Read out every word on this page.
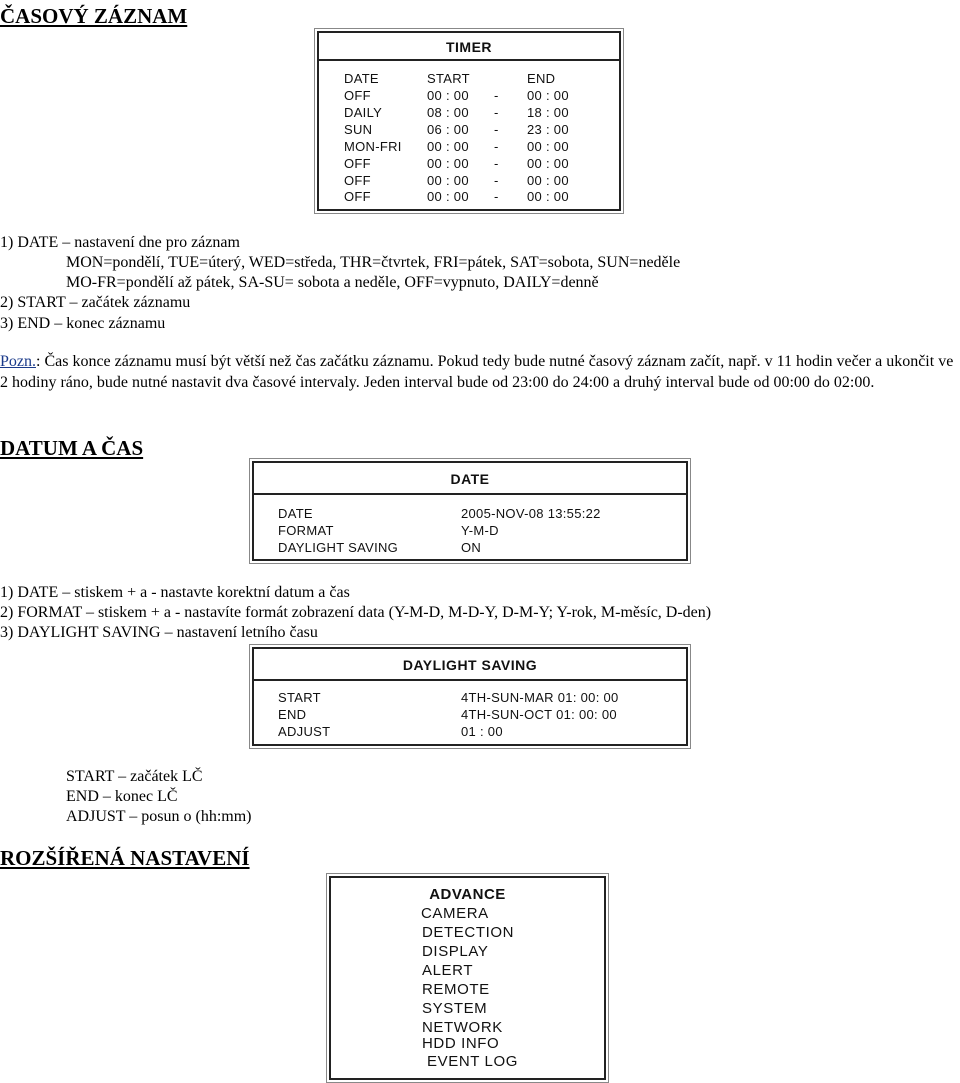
ČASOVÝ ZÁZNAM
TIMER
DATE	START	END
OFF	00 : 00 - 00 : 00
DAILY	08 : 00 - 18 : 00
SUN	06 : 00 - 23 : 00
MON-FRI 00 : 00 - 00 : 00
OFF	00 : 00 - 00 : 00
OFF	00 : 00 - 00 : 00
OFF	00 : 00 - 00 : 00
1) DATE – nastavení dne pro záznam
MON=pondělí, TUE=úterý, WED=středa, THR=čtvrtek, FRI=pátek, SAT=sobota, SUN=neděle
MO-FR=pondělí až pátek, SA-SU= sobota a neděle, OFF=vypnuto, DAILY=denně
2) START – začátek záznamu
3) END – konec záznamu
Pozn.: Čas konce záznamu musí být větší než čas začátku záznamu. Pokud tedy bude nutné časový záznam začít, např. v 11 hodin večer a ukončit ve 2 hodiny ráno, bude nutné nastavit dva časové intervaly. Jeden interval bude od 23:00 do 24:00 a druhý interval bude od 00:00 do 02:00.
DATUM A ČAS
DATE
DATE	2005-NOV-08 13:55:22
FORMAT	Y-M-D
DAYLIGHT SAVING	ON
1) DATE – stiskem + a - nastavte korektní datum a čas
2) FORMAT – stiskem + a - nastavíte formát zobrazení data (Y-M-D, M-D-Y, D-M-Y; Y-rok, M-měsíc, D-den)
3) DAYLIGHT SAVING – nastavení letního času
DAYLIGHT SAVING
START	4TH-SUN-MAR 01: 00: 00
END	4TH-SUN-OCT 01: 00: 00
ADJUST	01 : 00
START – začátek LČ
END – konec LČ
ADJUST – posun o (hh:mm)
ROZŠÍŘENÁ NASTAVENÍ
ADVANCE
CAMERA
DETECTION
DISPLAY
ALERT
REMOTE
SYSTEM
NETWORK
HDD INFO
EVENT LOG
